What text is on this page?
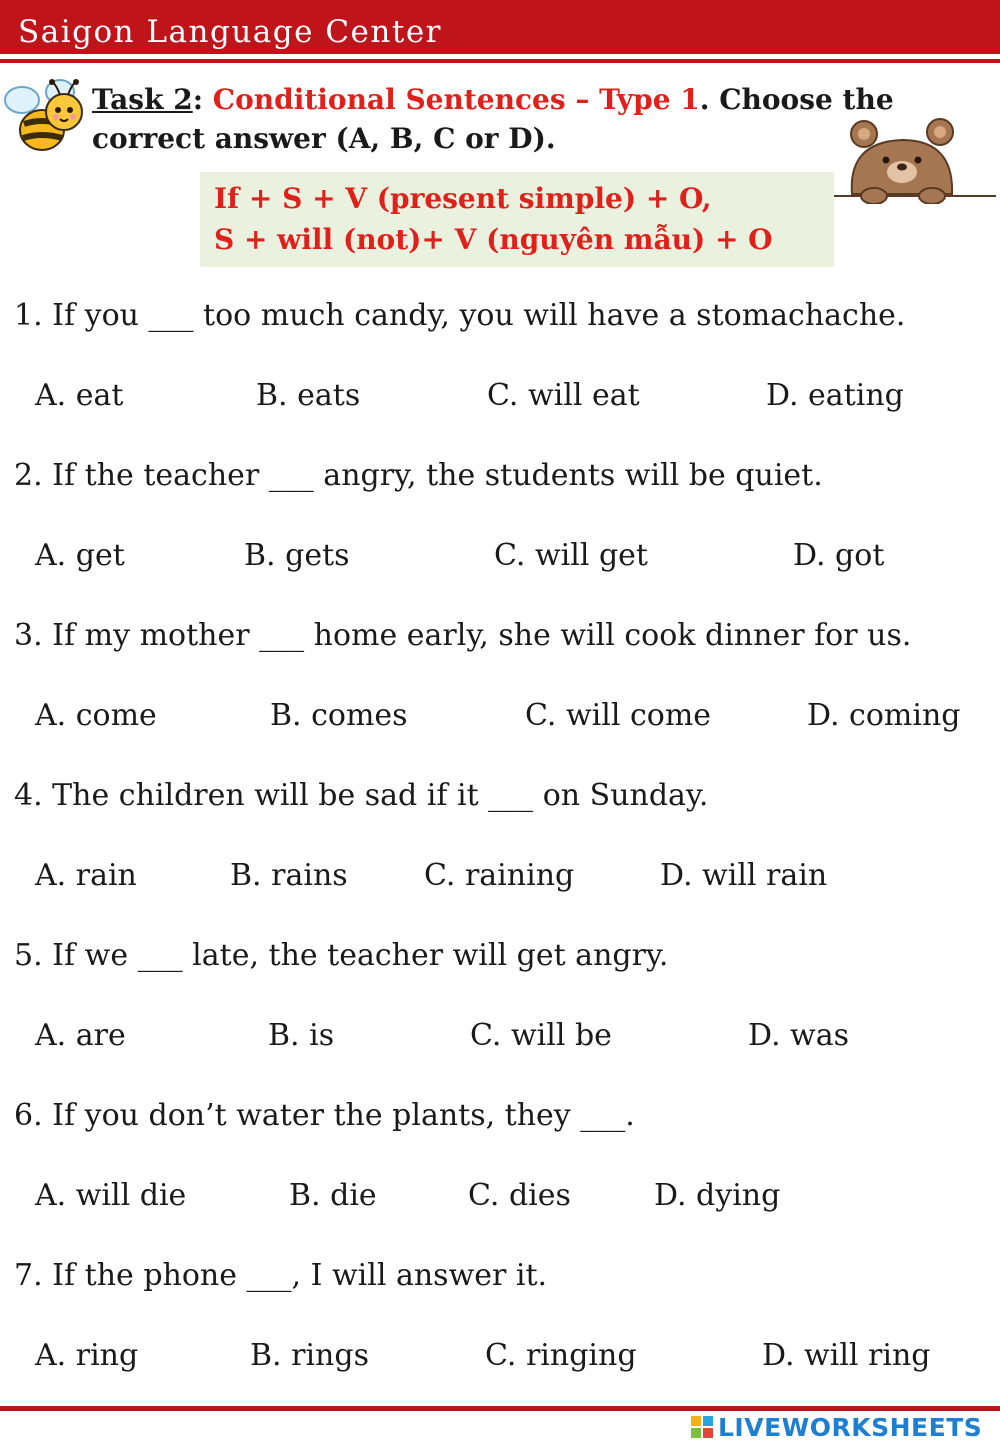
Saigon Language Center
Task 2: Conditional Sentences – Type 1. Choose the
correct answer (A, B, C or D).
If + S + V (present simple) + O,
S + will (not)+ V (nguyên mẫu) + O
1. If you ___ too much candy, you will have a stomachache.
A. eat	B. eats	C. will eat	D. eating
2. If the teacher ___ angry, the students will be quiet.
A. get	B. gets	C. will get	D. got
3. If my mother ___ home early, she will cook dinner for us.
A. come	B. comes	C. will come	D. coming
4. The children will be sad if it ___ on Sunday.
A. rain	B. rains	C. raining	D. will rain
5. If we ___ late, the teacher will get angry.
A. are	B. is	C. will be	D. was
6. If you don’t water the plants, they ___.
A. will die	B. die	C. dies	D. dying
7. If the phone ___, I will answer it.
A. ring	B. rings	C. ringing	D. will ring
LIVEWORKSHEETS
